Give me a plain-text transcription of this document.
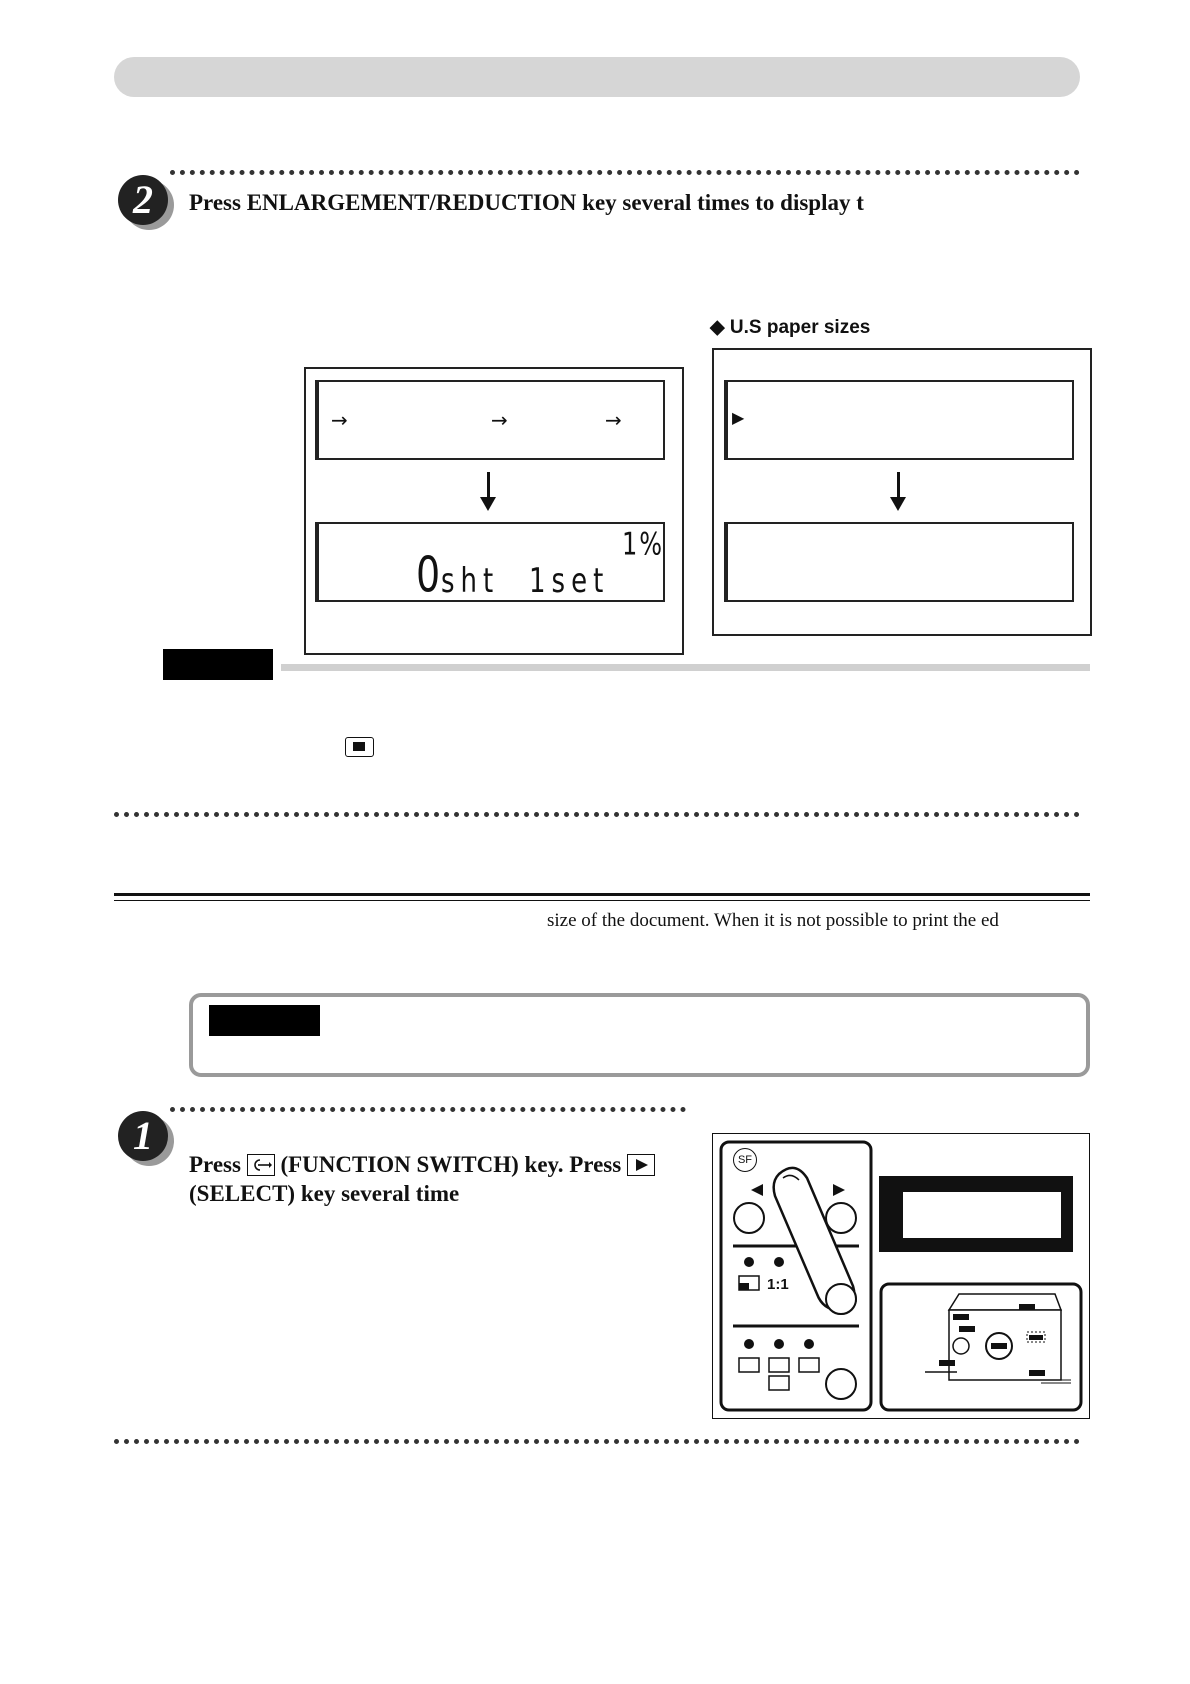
2	Press ENLARGEMENT/REDUCTION key several times to display t
◆ U.S paper sizes
→	→	→
1%
0
sht 1set
▶
size of the document. When it is not possible to print the ed
1
Press (FUNCTION SWITCH) key. Press

(SELECT) key several time
SF
1:1
